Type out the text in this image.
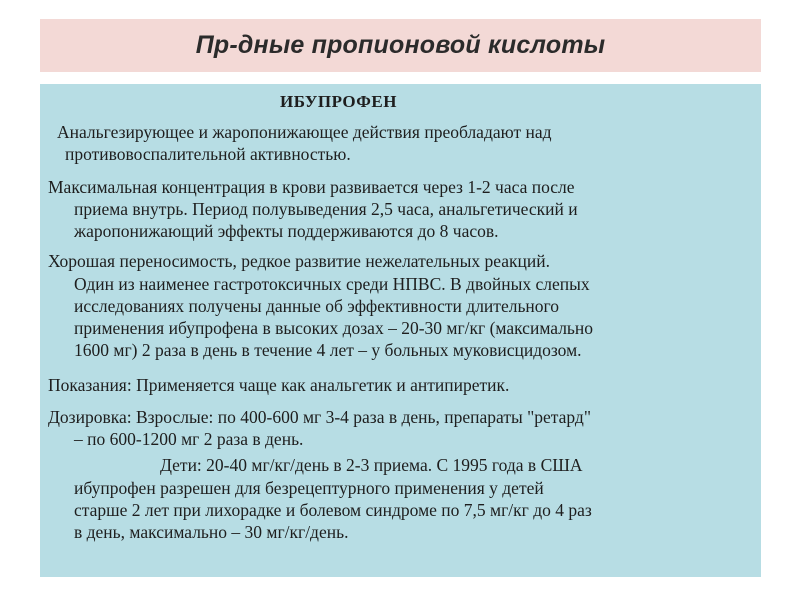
Пр-дные пропионовой кислоты

ИБУПРОФЕН

Анальгезирующее и жаропонижающее действия преобладают над

противовоспалительной активностью.

Максимальная концентрация в крови развивается через 1-2 часа после

приема внутрь. Период полувыведения 2,5 часа, анальгетический и

жаропонижающий эффекты поддерживаются до 8 часов.

Хорошая переносимость, редкое развитие нежелательных реакций.

Один из наименее гастротоксичных среди НПВС. В двойных слепых

исследованиях получены данные об эффективности длительного

применения ибупрофена в высоких дозах – 20-30 мг/кг (максимально

1600 мг) 2 раза в день в течение 4 лет – у больных муковисцидозом.

Показания: Применяется чаще как анальгетик и антипиретик.

Дозировка: Взрослые: по 400-600 мг 3-4 раза в день, препараты "ретард"

– по 600-1200 мг 2 раза в день.

Дети: 20-40 мг/кг/день в 2-3 приема. С 1995 года в США

ибупрофен разрешен для безрецептурного применения у детей

старше 2 лет при лихорадке и болевом синдроме по 7,5 мг/кг до 4 раз

в день, максимально – 30 мг/кг/день.
